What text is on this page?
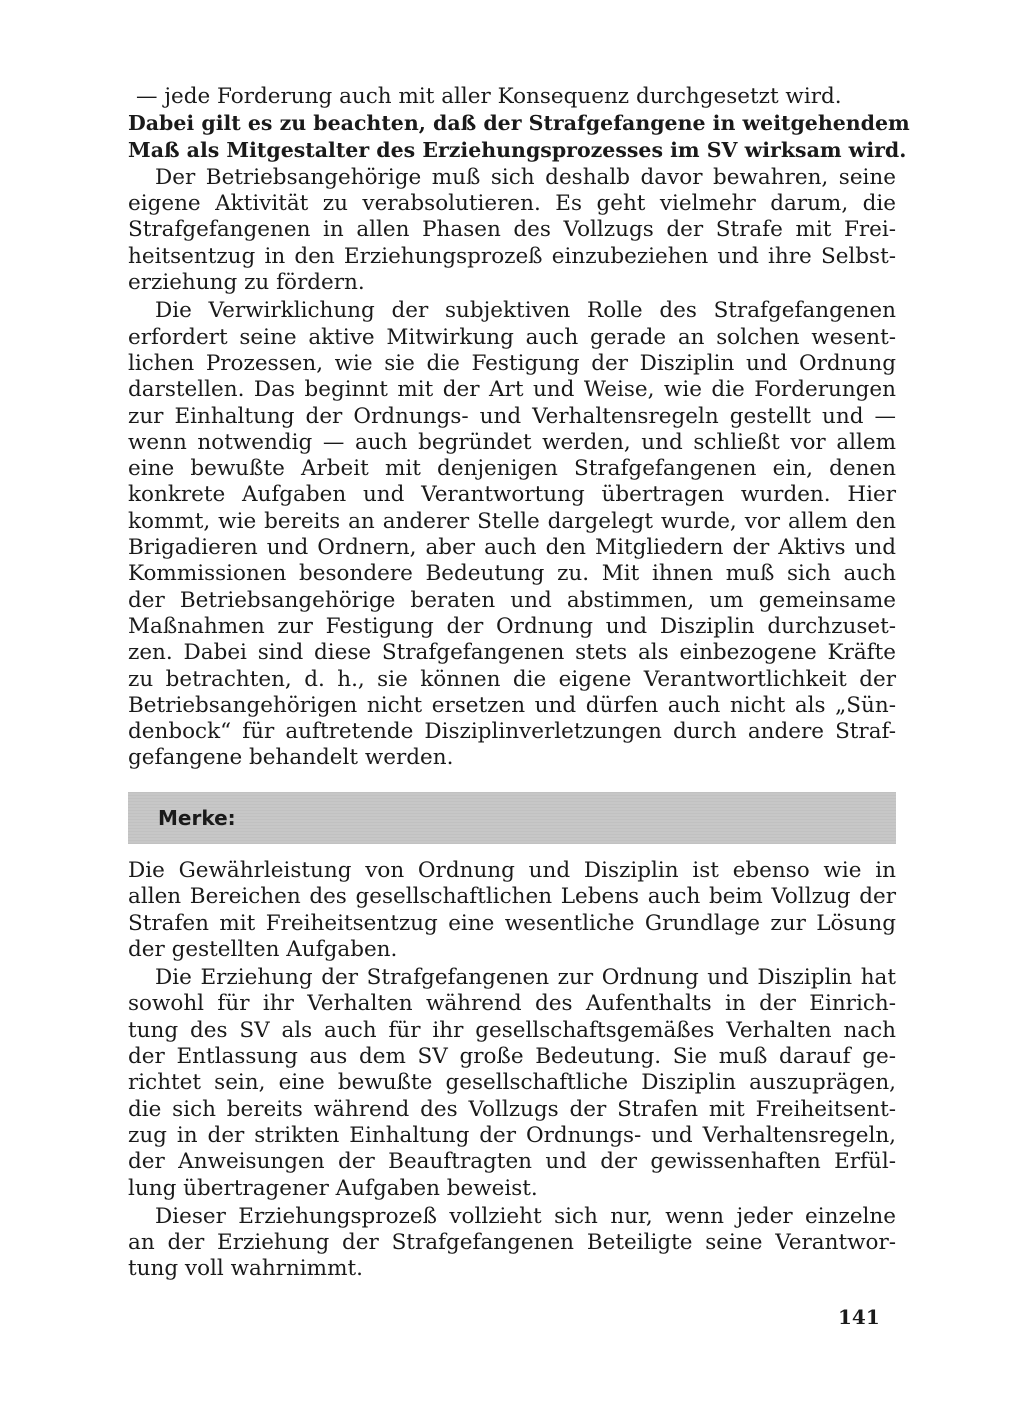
— jede Forderung auch mit aller Konsequenz durchgesetzt wird.
Dabei gilt es zu beachten, daß der Strafgefangene in weitgehendem
Maß als Mitgestalter des Erziehungsprozesses im SV wirksam wird.
Der Betriebsangehörige muß sich deshalb davor bewahren, seine
eigene Aktivität zu verabsolutieren. Es geht vielmehr darum, die
Strafgefangenen in allen Phasen des Vollzugs der Strafe mit Frei-
heitsentzug in den Erziehungsprozeß einzubeziehen und ihre Selbst-
erziehung zu fördern.
Die Verwirklichung der subjektiven Rolle des Strafgefangenen
erfordert seine aktive Mitwirkung auch gerade an solchen wesent-
lichen Prozessen, wie sie die Festigung der Disziplin und Ordnung
darstellen. Das beginnt mit der Art und Weise, wie die Forderungen
zur Einhaltung der Ordnungs- und Verhaltensregeln gestellt und —
wenn notwendig — auch begründet werden, und schließt vor allem
eine bewußte Arbeit mit denjenigen Strafgefangenen ein, denen
konkrete Aufgaben und Verantwortung übertragen wurden. Hier
kommt, wie bereits an anderer Stelle dargelegt wurde, vor allem den
Brigadieren und Ordnern, aber auch den Mitgliedern der Aktivs und
Kommissionen besondere Bedeutung zu. Mit ihnen muß sich auch
der Betriebsangehörige beraten und abstimmen, um gemeinsame
Maßnahmen zur Festigung der Ordnung und Disziplin durchzuset-
zen. Dabei sind diese Strafgefangenen stets als einbezogene Kräfte
zu betrachten, d. h., sie können die eigene Verantwortlichkeit der
Betriebsangehörigen nicht ersetzen und dürfen auch nicht als „Sün-
denbock“ für auftretende Disziplinverletzungen durch andere Straf-
gefangene behandelt werden.
Merke:
Die Gewährleistung von Ordnung und Disziplin ist ebenso wie in
allen Bereichen des gesellschaftlichen Lebens auch beim Vollzug der
Strafen mit Freiheitsentzug eine wesentliche Grundlage zur Lösung
der gestellten Aufgaben.
Die Erziehung der Strafgefangenen zur Ordnung und Disziplin hat
sowohl für ihr Verhalten während des Aufenthalts in der Einrich-
tung des SV als auch für ihr gesellschaftsgemäßes Verhalten nach
der Entlassung aus dem SV große Bedeutung. Sie muß darauf ge-
richtet sein, eine bewußte gesellschaftliche Disziplin auszuprägen,
die sich bereits während des Vollzugs der Strafen mit Freiheitsent-
zug in der strikten Einhaltung der Ordnungs- und Verhaltensregeln,
der Anweisungen der Beauftragten und der gewissenhaften Erfül-
lung übertragener Aufgaben beweist.
Dieser Erziehungsprozeß vollzieht sich nur, wenn jeder einzelne
an der Erziehung der Strafgefangenen Beteiligte seine Verantwor-
tung voll wahrnimmt.
141
